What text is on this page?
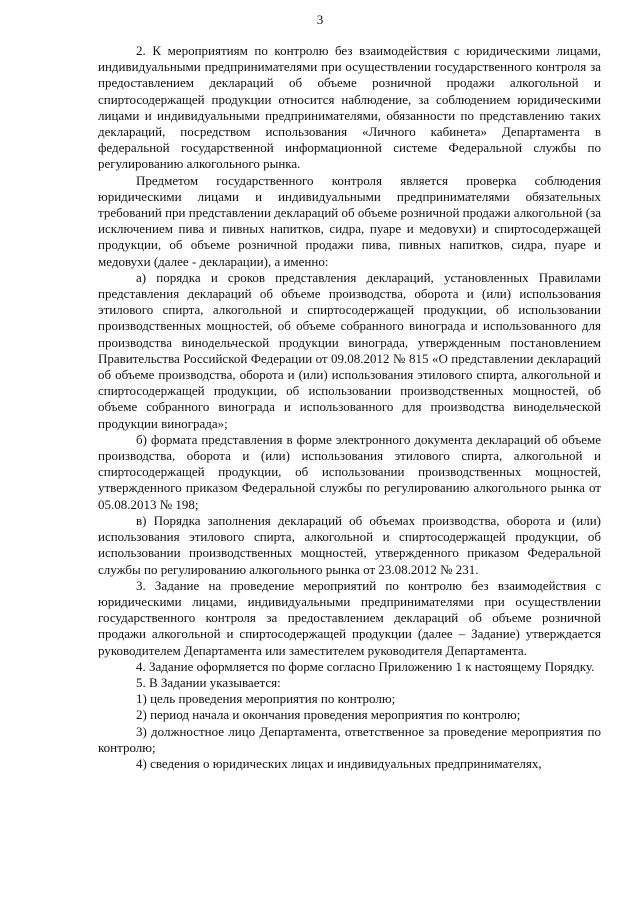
3

2. К мероприятиям по контролю без взаимодействия с юридическими лицами, индивидуальными предпринимателями при осуществлении государственного контроля за предоставлением деклараций об объеме розничной продажи алкогольной и спиртосодержащей продукции относится наблюдение, за соблюдением юридическими лицами и индивидуальными предпринимателями, обязанности по представлению таких деклараций, посредством использования «Личного кабинета» Департамента в федеральной государственной информационной системе Федеральной службы по регулированию алкогольного рынка.

Предметом государственного контроля является проверка соблюдения юридическими лицами и индивидуальными предпринимателями обязательных требований при представлении деклараций об объеме розничной продажи алкогольной (за исключением пива и пивных напитков, сидра, пуаре и медовухи) и спиртосодержащей продукции, об объеме розничной продажи пива, пивных напитков, сидра, пуаре и медовухи (далее - декларации), а именно:

а) порядка и сроков представления деклараций, установленных Правилами представления деклараций об объеме производства, оборота и (или) использования этилового спирта, алкогольной и спиртосодержащей продукции, об использовании производственных мощностей, об объеме собранного винограда и использованного для производства винодельческой продукции винограда, утвержденным постановлением Правительства Российской Федерации от 09.08.2012 № 815 «О представлении деклараций об объеме производства, оборота и (или) использования этилового спирта, алкогольной и спиртосодержащей продукции, об использовании производственных мощностей, об объеме собранного винограда и использованного для производства винодельческой продукции винограда»;

б) формата представления в форме электронного документа деклараций об объеме производства, оборота и (или) использования этилового спирта, алкогольной и спиртосодержащей продукции, об использовании производственных мощностей, утвержденного приказом Федеральной службы по регулированию алкогольного рынка от 05.08.2013 № 198;

в) Порядка заполнения деклараций об объемах производства, оборота и (или) использования этилового спирта, алкогольной и спиртосодержащей продукции, об использовании производственных мощностей, утвержденного приказом Федеральной службы по регулированию алкогольного рынка от 23.08.2012 № 231.

3. Задание на проведение мероприятий по контролю без взаимодействия с юридическими лицами, индивидуальными предпринимателями при осуществлении государственного контроля за предоставлением деклараций об объеме розничной продажи алкогольной и спиртосодержащей продукции (далее – Задание) утверждается руководителем Департамента или заместителем руководителя Департамента.

4. Задание оформляется по форме согласно Приложению 1 к настоящему Порядку.

5. В Задании указывается:

1) цель проведения мероприятия по контролю;

2) период начала и окончания проведения мероприятия по контролю;

3) должностное лицо Департамента, ответственное за проведение мероприятия по контролю;

4) сведения о юридических лицах и индивидуальных предпринимателях,
